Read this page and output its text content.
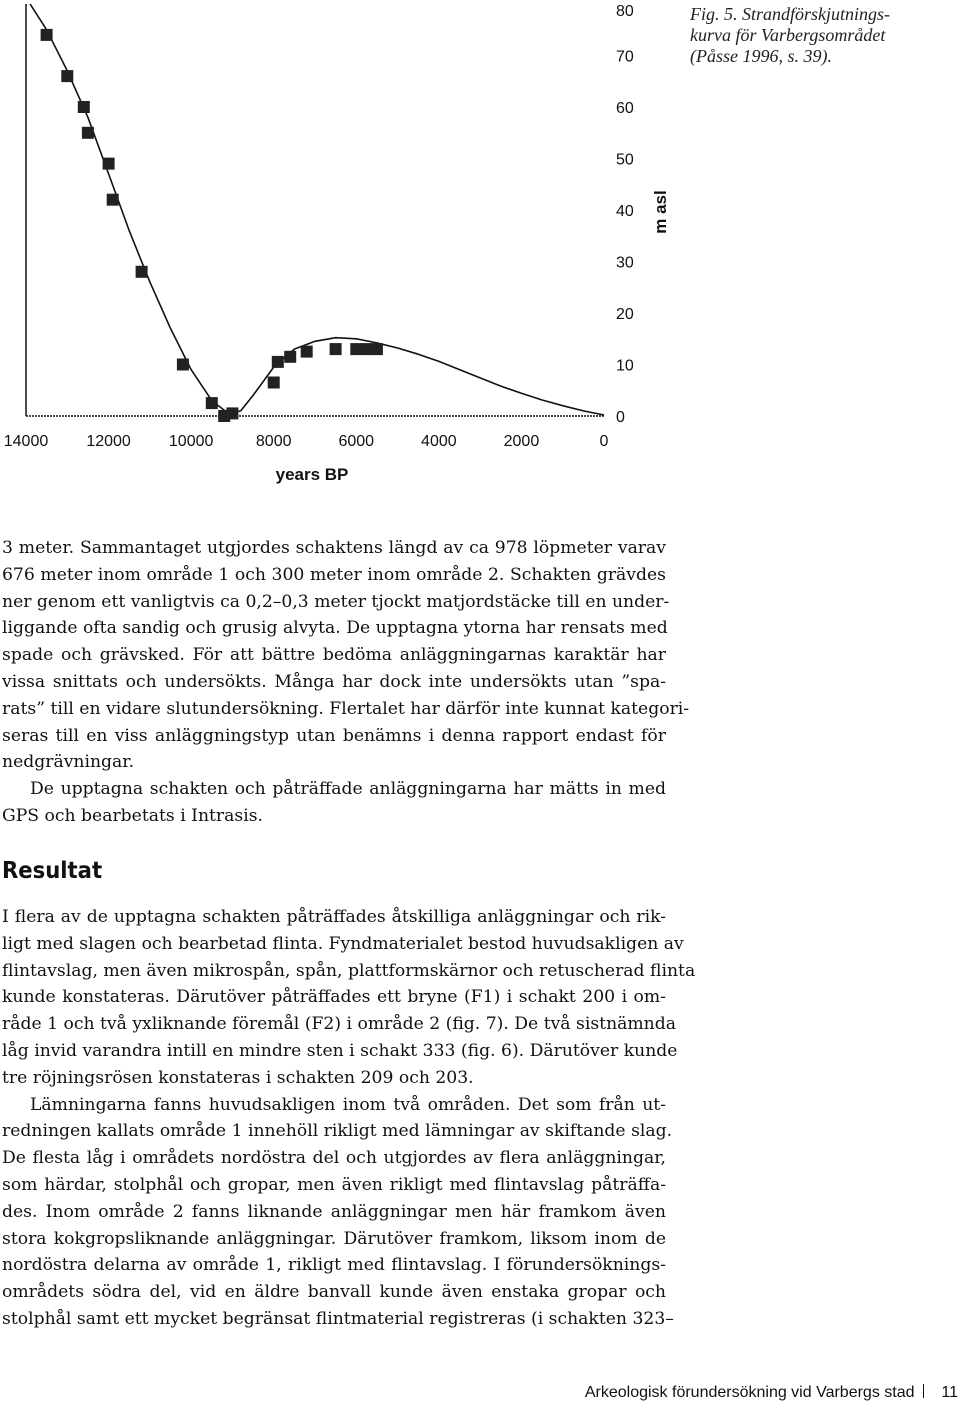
14000 12000 10000	8000	6000	4000	2000	0
0
10
20
30
40
50
60
70
80
years BP
m asl
Fig. 5. Strandförskjutnings-
kurva för Varbergsområdet
(Påsse 1996, s. 39).
3 meter. Sammantaget utgjordes schaktens längd av ca 978 löpmeter varav
676 meter inom område 1 och 300 meter inom område 2. Schakten grävdes
ner genom ett vanligtvis ca 0,2–0,3 meter tjockt matjordstäcke till en under-
liggande ofta sandig och grusig alvyta. De upptagna ytorna har rensats med
spade och grävsked. För att bättre bedöma anläggningarnas karaktär har
vissa snittats och undersökts. Många har dock inte undersökts utan ”spa-
rats” till en vidare slutundersökning. Flertalet har därför inte kunnat kategori-
seras till en viss anläggningstyp utan benämns i denna rapport endast för
nedgrävningar.
De upptagna schakten och påträffade anläggningarna har mätts in med
GPS och bearbetats i Intrasis.
Resultat
I flera av de upptagna schakten påträffades åtskilliga anläggningar och rik-
ligt med slagen och bearbetad flinta. Fyndmaterialet bestod huvudsakligen av
flintavslag, men även mikrospån, spån, plattformskärnor och retuscherad flinta
kunde konstateras. Därutöver påträffades ett bryne (F1) i schakt 200 i om-
råde 1 och två yxliknande föremål (F2) i område 2 (fig. 7). De två sistnämnda
låg invid varandra intill en mindre sten i schakt 333 (fig. 6). Därutöver kunde
tre röjningsrösen konstateras i schakten 209 och 203.
Lämningarna fanns huvudsakligen inom två områden. Det som från ut-
redningen kallats område 1 innehöll rikligt med lämningar av skiftande slag.
De flesta låg i områdets nordöstra del och utgjordes av flera anläggningar,
som härdar, stolphål och gropar, men även rikligt med flintavslag påträffa-
des. Inom område 2 fanns liknande anläggningar men här framkom även
stora kokgropsliknande anläggningar. Därutöver framkom, liksom inom de
nordöstra delarna av område 1, rikligt med flintavslag. I förundersöknings-
områdets södra del, vid en äldre banvall kunde även enstaka gropar och
stolphål samt ett mycket begränsat flintmaterial registreras (i schakten 323–
Arkeologisk förundersökning vid Varbergs stad	11
